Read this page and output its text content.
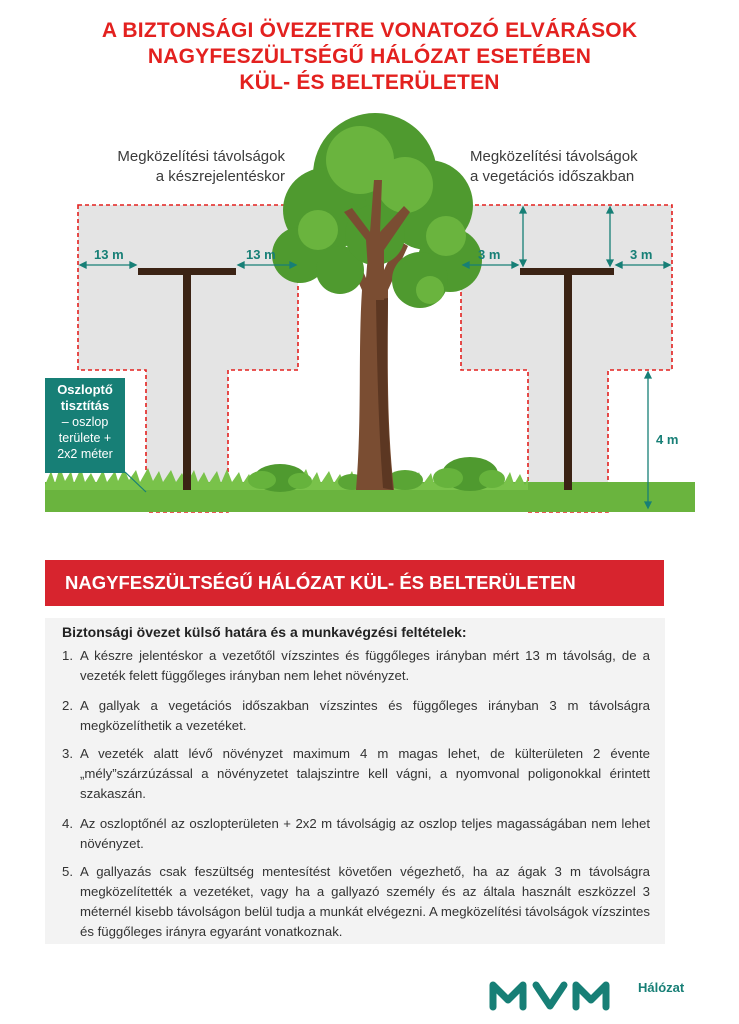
A BIZTONSÁGI ÖVEZETRE VONATOZÓ ELVÁRÁSOK
NAGYFESZÜLTSÉGŰ HÁLÓZAT ESETÉBEN
KÜL- ÉS BELTERÜLETEN
Megközelítési távolságok
a készrejelentéskor
Megközelítési távolságok
a vegetációs időszakban
13 m	13 m	3 m	3 m
4 m
Oszloptő
tisztítás
– oszlop
területe +
2x2 méter
NAGYFESZÜLTSÉGŰ HÁLÓZAT KÜL- ÉS BELTERÜLETEN
Biztonsági övezet külső határa és a munkavégzési feltételek:
1. A készre jelentéskor a vezetőtől vízszintes és függőleges irányban mért 13 m távolság, de a vezeték felett függőleges irányban nem lehet növényzet.
2. A gallyak a vegetációs időszakban vízszintes és függőleges irányban 3 m távolságra megközelíthetik a vezetéket.
3. A vezeték alatt lévő növényzet maximum 4 m magas lehet, de külterületen 2 évente „mély”szárzúzással a növényzetet talajszintre kell vágni, a nyomvonal poligonokkal érintett szakaszán.
4. Az oszloptőnél az oszlopterületen + 2x2 m távolságig az oszlop teljes magasságában nem lehet növényzet.
5. A gallyazás csak feszültség mentesítést követően végezhető, ha az ágak 3 m távolságra megközelítették a vezetéket, vagy ha a gallyazó személy és az általa használt eszközzel 3 méternél kisebb távolságon belül tudja a munkát elvégezni. A megközelítési távolságok vízszintes és függőleges irányra egyaránt vonatkoznak.
Hálózat
